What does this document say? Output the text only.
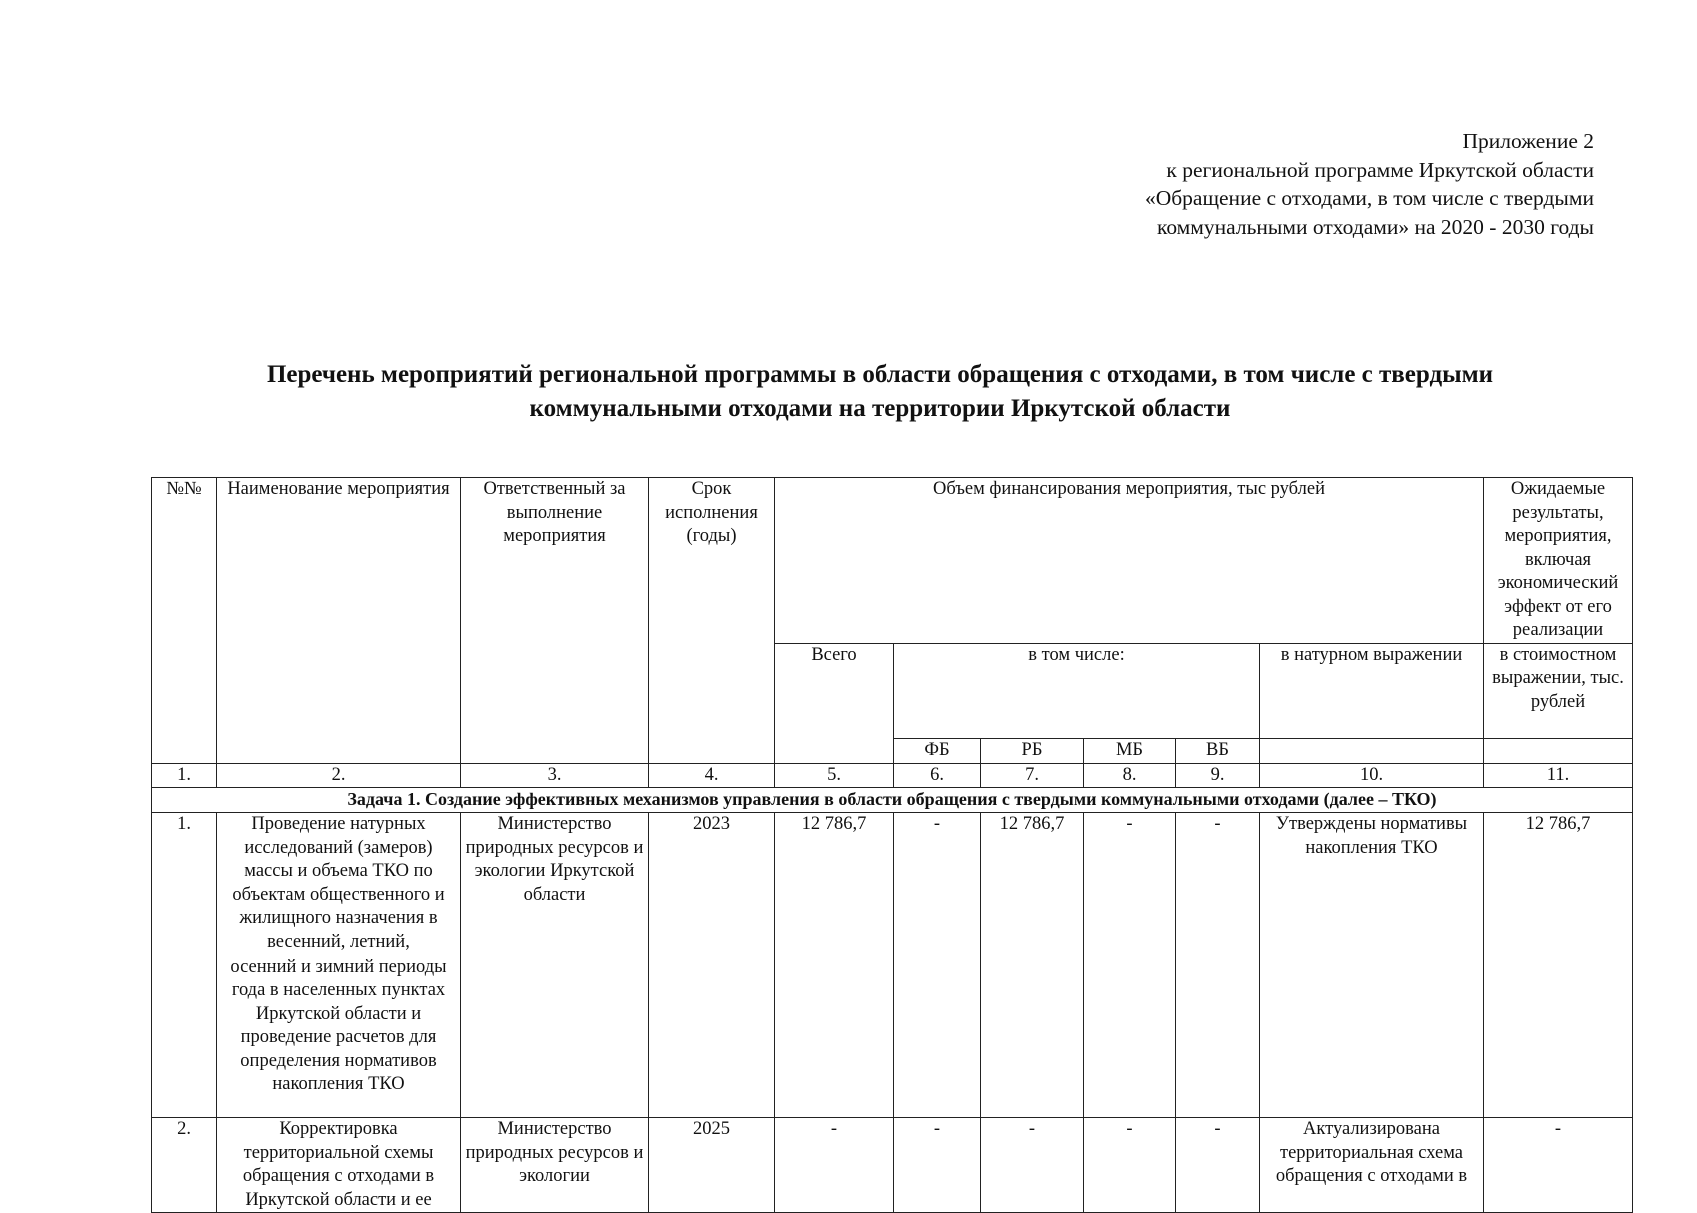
Приложение 2
к региональной программе Иркутской области
«Обращение с отходами, в том числе с твердыми
коммунальными отходами» на 2020 - 2030 годы
Перечень мероприятий региональной программы в области обращения с отходами, в том числе с твердыми
коммунальными отходами на территории Иркутской области
№№	Наименование мероприятия	Ответственный за выполнение мероприятия	Срок исполнения (годы)	Объем финансирования мероприятия, тыс рублей						Ожидаемые результаты, мероприятия, включая экономический эффект от его реализации
				Всего	в том числе:				в натурном выражении	в стоимостном выражении, тыс. рублей
					ФБ	РБ	МБ	ВБ		
1.	2.	3.	4.	5.	6.	7.	8.	9.	10.	11.
Задача 1. Создание эффективных механизмов управления в области обращения с твердыми коммунальными отходами (далее – ТКО)										
1.	Проведение натурных исследований (замеров) массы и объема ТКО по объектам общественного и жилищного назначения в весенний, летний,	Министерство природных ресурсов и экологии Иркутской области	2023	12 786,7	-	12 786,7	-	-	Утверждены нормативы накопления ТКО	12 786,7
	осенний и зимний периоды года в населенных пунктах Иркутской области и проведение расчетов для определения нормативов накопления ТКО									
2.	Корректировка территориальной схемы обращения с отходами в Иркутской области и ее	Министерство природных ресурсов и экологии	2025	-	-	-	-	-	Актуализирована территориальная схема обращения с отходами в	-
